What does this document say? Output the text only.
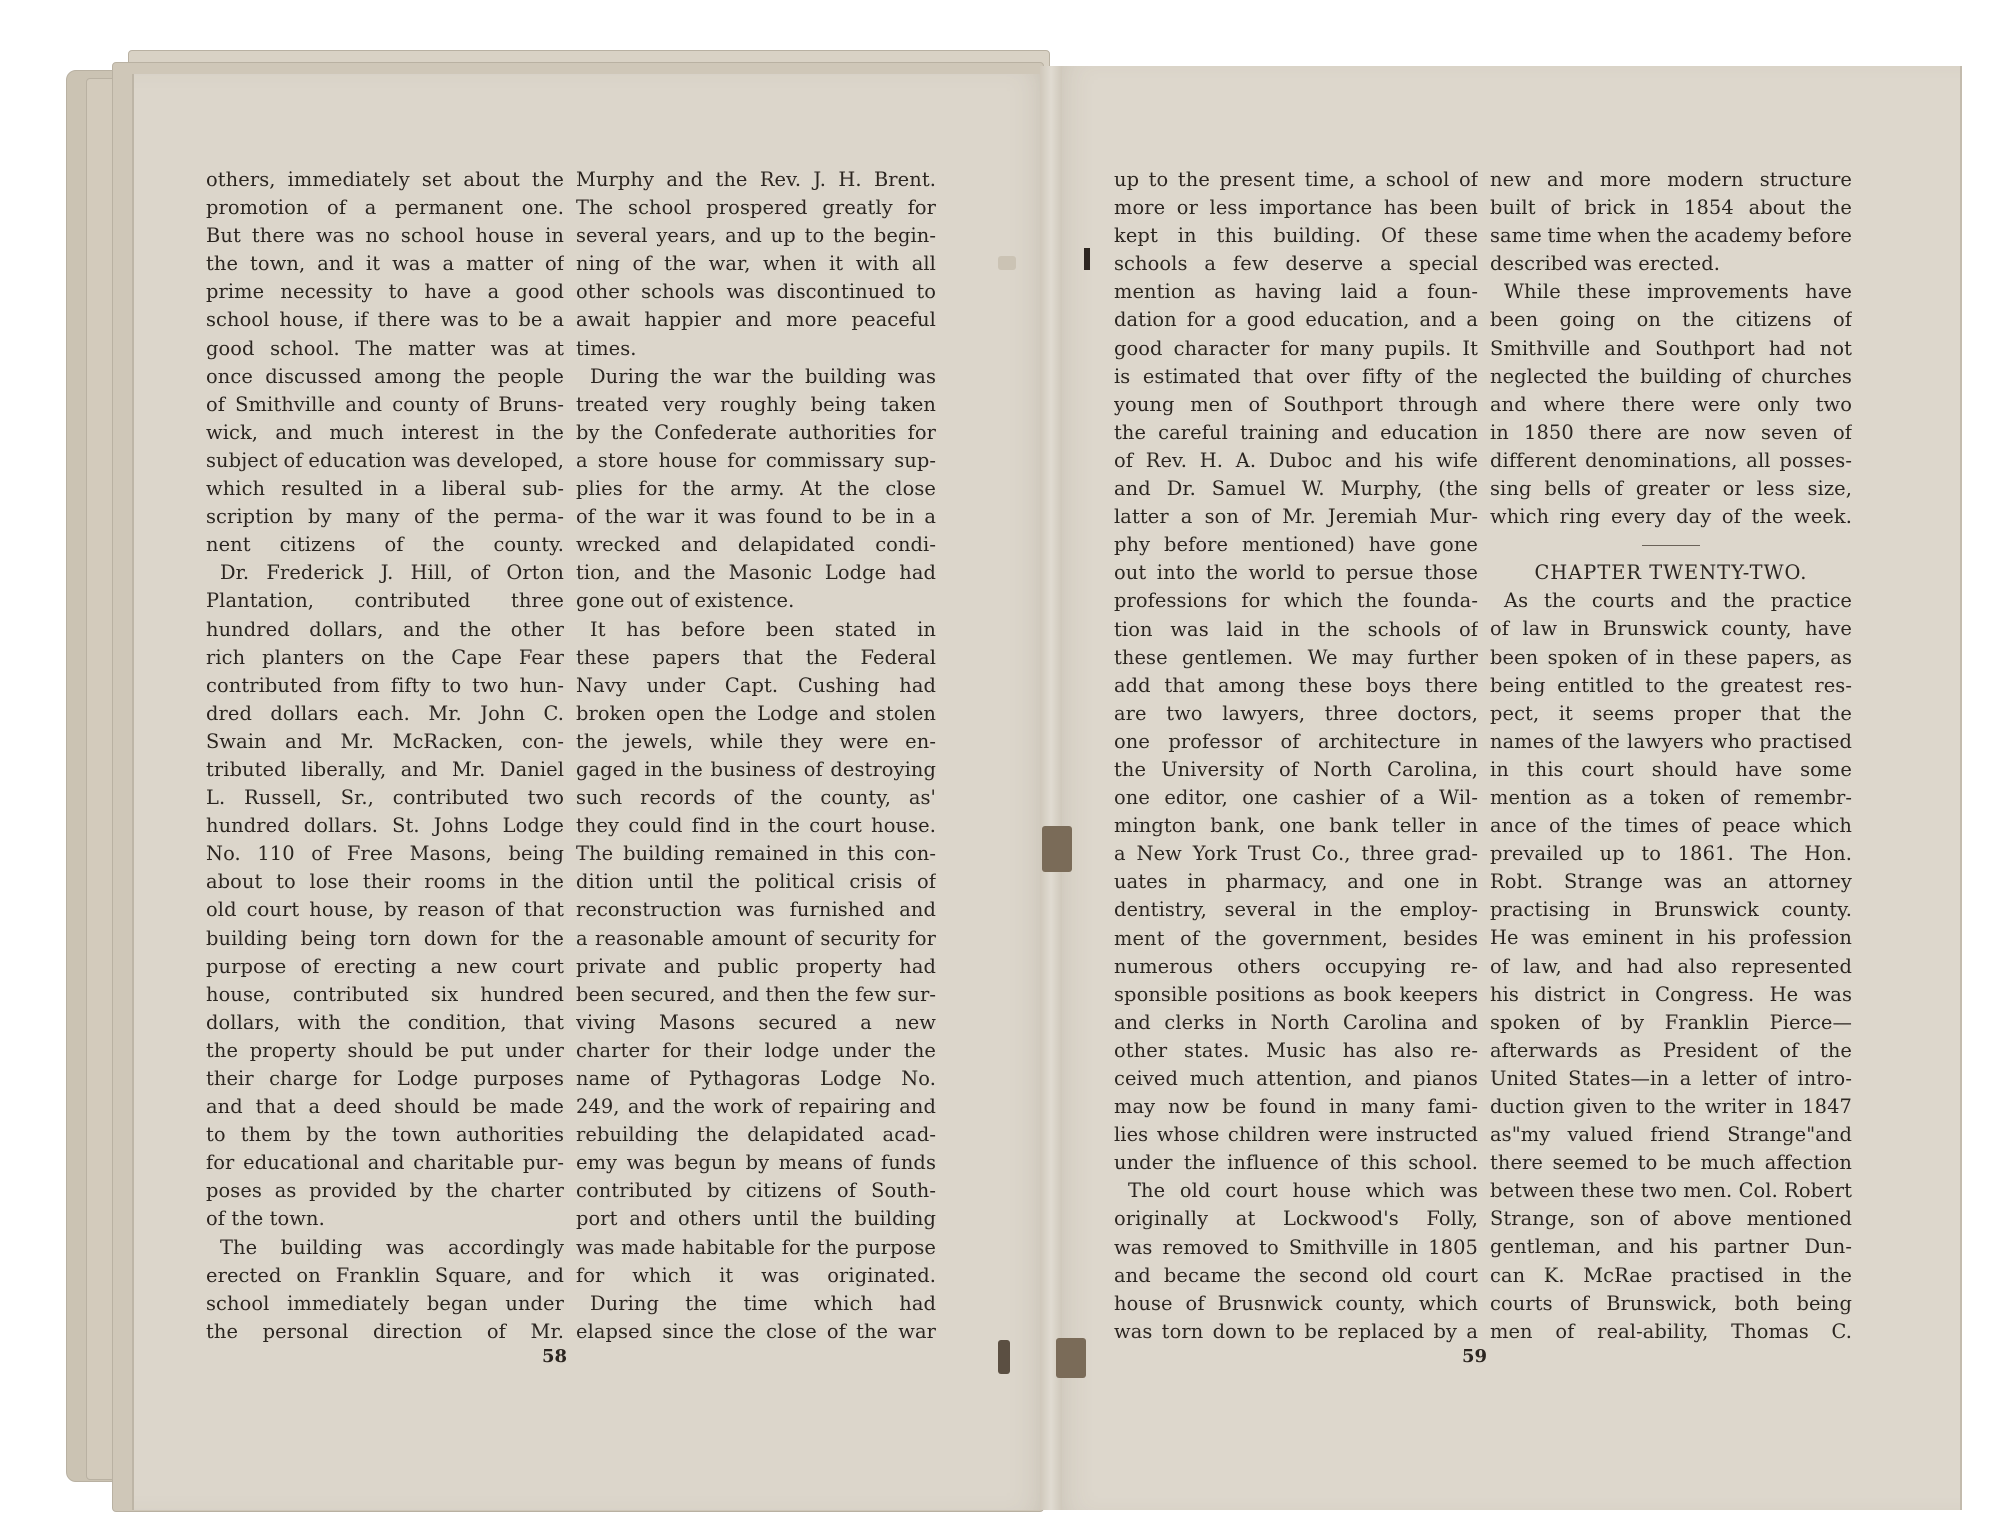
others, immediately set about the
promotion of a permanent one.
But there was no school house in
the town, and it was a matter of
prime necessity to have a good
school house, if there was to be a
good school. The matter was at
once discussed among the people
of Smithville and county of Bruns-
wick, and much interest in the
subject of education was developed,
which resulted in a liberal sub-
scription by many of the perma-
nent citizens of the county.
Dr. Frederick J. Hill, of Orton
Plantation, contributed three
hundred dollars, and the other
rich planters on the Cape Fear
contributed from fifty to two hun-
dred dollars each. Mr. John C.
Swain and Mr. McRacken, con-
tributed liberally, and Mr. Daniel
L. Russell, Sr., contributed two
hundred dollars. St. Johns Lodge
No. 110 of Free Masons, being
about to lose their rooms in the
old court house, by reason of that
building being torn down for the
purpose of erecting a new court
house, contributed six hundred
dollars, with the condition, that
the property should be put under
their charge for Lodge purposes
and that a deed should be made
to them by the town authorities
for educational and charitable pur-
poses as provided by the charter
of the town.
The building was accordingly
erected on Franklin Square, and
school immediately began under
the personal direction of Mr.
Murphy and the Rev. J. H. Brent.
The school prospered greatly for
several years, and up to the begin-
ning of the war, when it with all
other schools was discontinued to
await happier and more peaceful
times.
During the war the building was
treated very roughly being taken
by the Confederate authorities for
a store house for commissary sup-
plies for the army. At the close
of the war it was found to be in a
wrecked and delapidated condi-
tion, and the Masonic Lodge had
gone out of existence.
It has before been stated in
these papers that the Federal
Navy under Capt. Cushing had
broken open the Lodge and stolen
the jewels, while they were en-
gaged in the business of destroying
such records of the county, as'
they could find in the court house.
The building remained in this con-
dition until the political crisis of
reconstruction was furnished and
a reasonable amount of security for
private and public property had
been secured, and then the few sur-
viving Masons secured a new
charter for their lodge under the
name of Pythagoras Lodge No.
249, and the work of repairing and
rebuilding the delapidated acad-
emy was begun by means of funds
contributed by citizens of South-
port and others until the building
was made habitable for the purpose
for which it was originated.
During the time which had
elapsed since the close of the war
up to the present time, a school of
more or less importance has been
kept in this building. Of these
schools a few deserve a special
mention as having laid a foun-
dation for a good education, and a
good character for many pupils. It
is estimated that over fifty of the
young men of Southport through
the careful training and education
of Rev. H. A. Duboc and his wife
and Dr. Samuel W. Murphy, (the
latter a son of Mr. Jeremiah Mur-
phy before mentioned) have gone
out into the world to persue those
professions for which the founda-
tion was laid in the schools of
these gentlemen. We may further
add that among these boys there
are two lawyers, three doctors,
one professor of architecture in
the University of North Carolina,
one editor, one cashier of a Wil-
mington bank, one bank teller in
a New York Trust Co., three grad-
uates in pharmacy, and one in
dentistry, several in the employ-
ment of the government, besides
numerous others occupying re-
sponsible positions as book keepers
and clerks in North Carolina and
other states. Music has also re-
ceived much attention, and pianos
may now be found in many fami-
lies whose children were instructed
under the influence of this school.
The old court house which was
originally at Lockwood's Folly,
was removed to Smithville in 1805
and became the second old court
house of Brusnwick county, which
was torn down to be replaced by a
new and more modern structure
built of brick in 1854 about the
same time when the academy before
described was erected.
While these improvements have
been going on the citizens of
Smithville and Southport had not
neglected the building of churches
and where there were only two
in 1850 there are now seven of
different denominations, all posses-
sing bells of greater or less size,
which ring every day of the week.
CHAPTER TWENTY-TWO.
As the courts and the practice
of law in Brunswick county, have
been spoken of in these papers, as
being entitled to the greatest res-
pect, it seems proper that the
names of the lawyers who practised
in this court should have some
mention as a token of remembr-
ance of the times of peace which
prevailed up to 1861. The Hon.
Robt. Strange was an attorney
practising in Brunswick county.
He was eminent in his profession
of law, and had also represented
his district in Congress. He was
spoken of by Franklin Pierce—
afterwards as President of the
United States—in a letter of intro-
duction given to the writer in 1847
as"my valued friend Strange"and
there seemed to be much affection
between these two men. Col. Robert
Strange, son of above mentioned
gentleman, and his partner Dun-
can K. McRae practised in the
courts of Brunswick, both being
men of real-ability, Thomas C.
58	59
